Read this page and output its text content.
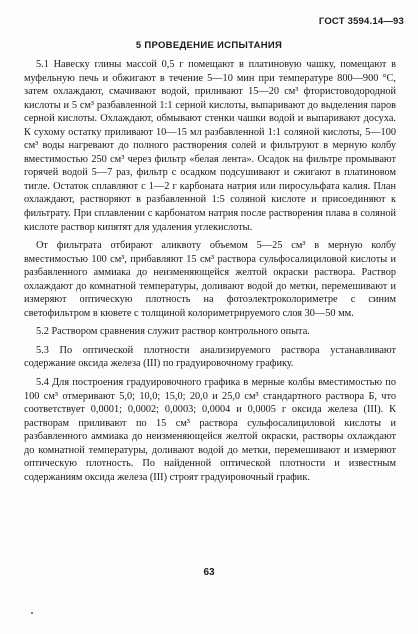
ГОСТ 3594.14—93
5 ПРОВЕДЕНИЕ ИСПЫТАНИЯ

5.1 Навеску глины массой 0,5 г помещают в платиновую чашку, помещают в муфельную печь и обжигают в течение 5—10 мин при температуре 800—900 °С, затем охлаждают, смачивают водой, приливают 15—20 см³ фтористоводородной кислоты и 5 см³ разбавленной 1:1 серной кислоты, выпаривают до выделения паров серной кислоты. Охлаждают, обмывают стенки чашки водой и выпаривают досуха. К сухому остатку приливают 10—15 мл разбавленной 1:1 соляной кислоты, 5—100 см³ воды нагревают до полного растворения солей и фильтруют в мерную колбу вместимостью 250 см³ через фильтр «белая лента». Осадок на фильтре промывают горячей водой 5—7 раз, фильтр с осадком подсушивают и сжигают в платиновом тигле. Остаток сплавляют с 1—2 г карбоната натрия или пиросульфата калия. План охлаждают, растворяют в разбавленной 1:5 соляной кислоте и присоединяют к фильтрату. При сплавлении с карбонатом натрия после растворения плава в соляной кислоте раствор кипятят для удаления углекислоты.

От фильтрата отбирают аликвоту объемом 5—25 см³ в мерную колбу вместимостью 100 см³, прибавляют 15 см³ раствора сульфосалициловой кислоты и разбавленного аммиака до неизменяющейся желтой окраски раствора. Раствор охлаждают до комнатной температуры, доливают водой до метки, перемешивают и измеряют оптическую плотность на фотоэлектроколориметре с синим светофильтром в кювете с толщиной колориметрируемого слоя 30—50 мм.

5.2 Раствором сравнения служит раствор контрольного опыта.

5.3 По оптической плотности анализируемого раствора устанавливают содержание оксида железа (III) по градуировочному графику.

5.4 Для построения градуировочного графика в мерные колбы вместимостью по 100 см³ отмеривают 5,0; 10,0; 15,0; 20,0 и 25,0 см³ стандартного раствора Б, что соответствует 0,0001; 0,0002; 0,0003; 0,0004 и 0,0005 г оксида железа (III). К растворам приливают по 15 см³ раствора сульфосалициловой кислоты и разбавленного аммиака до неизменяющейся желтой окраски, растворы охлаждают до комнатной температуры, доливают водой до метки, перемешивают и измеряют оптическую плотность. По найденной оптической плотности и известным содержаниям оксида железа (III) строят градуировочный график.

63
